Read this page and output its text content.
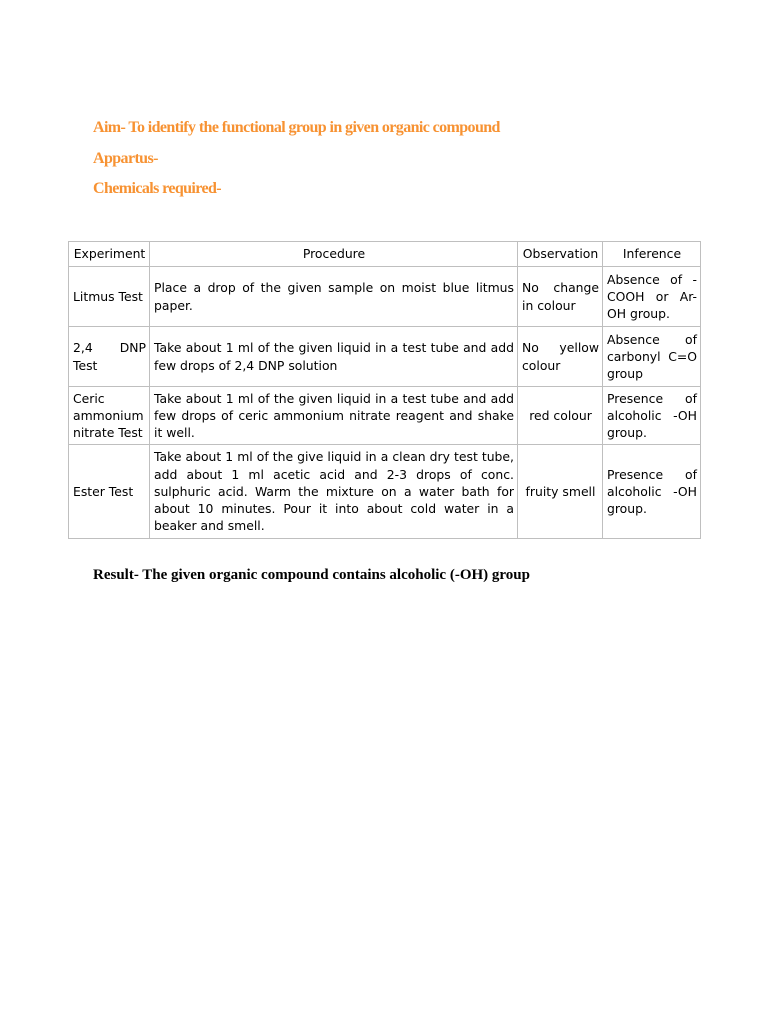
Aim- To identify the functional group in given organic compound

Appartus-

Chemicals required-

Experiment	Procedure	Observation	Inference
Litmus Test	Place a drop of the given sample on moist blue litmus paper.	No change in colour	Absence of -COOH or Ar-OH group.
2,4 DNP Test	Take about 1 ml of the given liquid in a test tube and add few drops of 2,4 DNP solution	No yellow colour	Absence of carbonyl C=O group
Ceric ammonium nitrate Test	Take about 1 ml of the given liquid in a test tube and add few drops of ceric ammonium nitrate reagent and shake it well.	red colour	Presence of alcoholic -OH group.
Ester Test	Take about 1 ml of the give liquid in a clean dry test tube, add about 1 ml acetic acid and 2-3 drops of conc. sulphuric acid. Warm the mixture on a water bath for about 10 minutes. Pour it into about cold water in a beaker and smell.	fruity smell	Presence of alcoholic -OH group.

Result- The given organic compound contains alcoholic (-OH) group
